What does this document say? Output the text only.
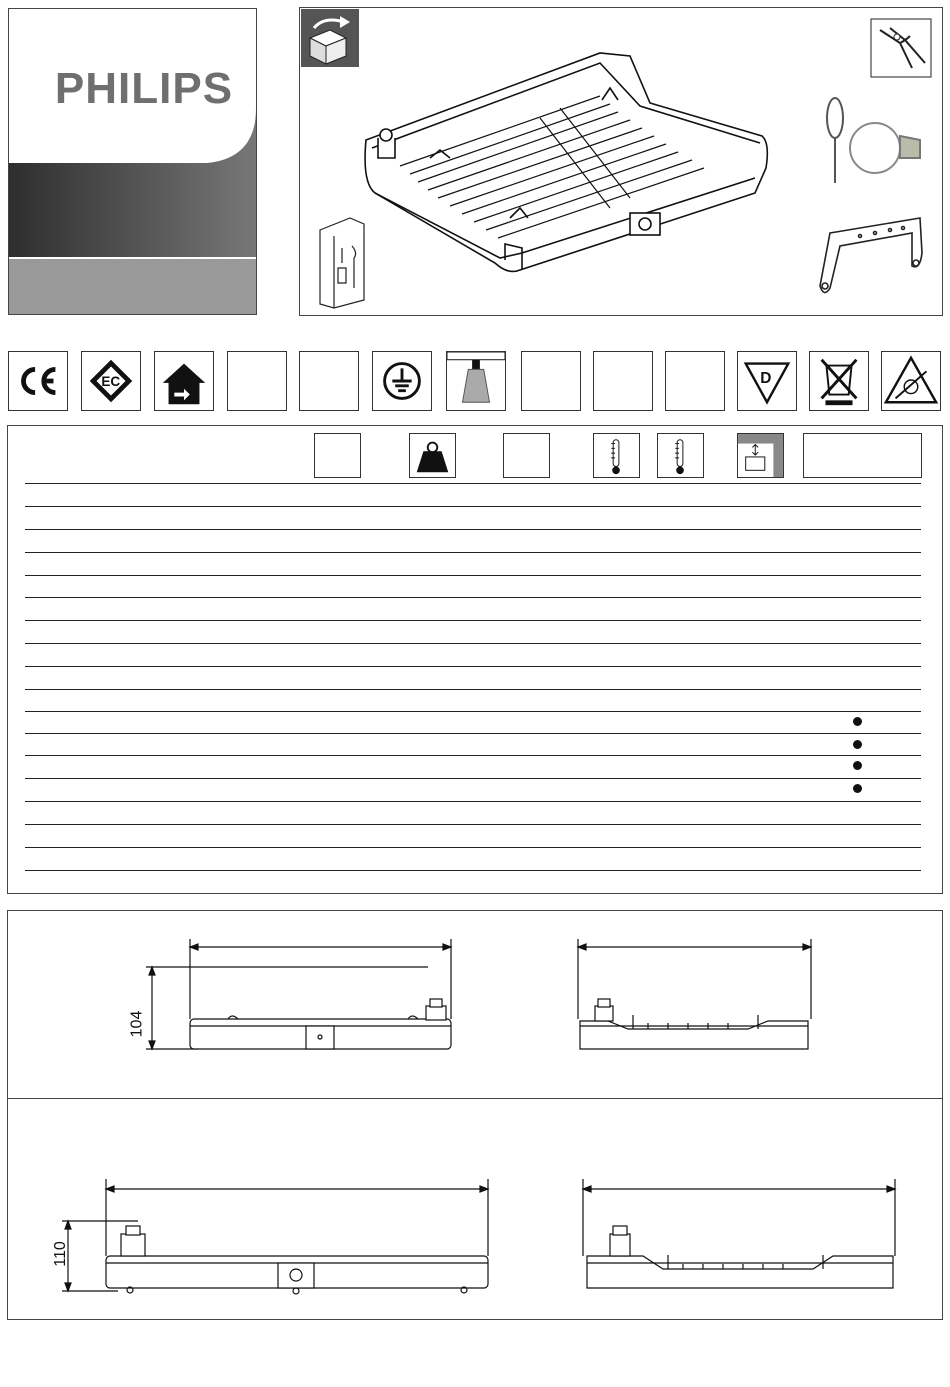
PHILIPS
EC	D
104
110
